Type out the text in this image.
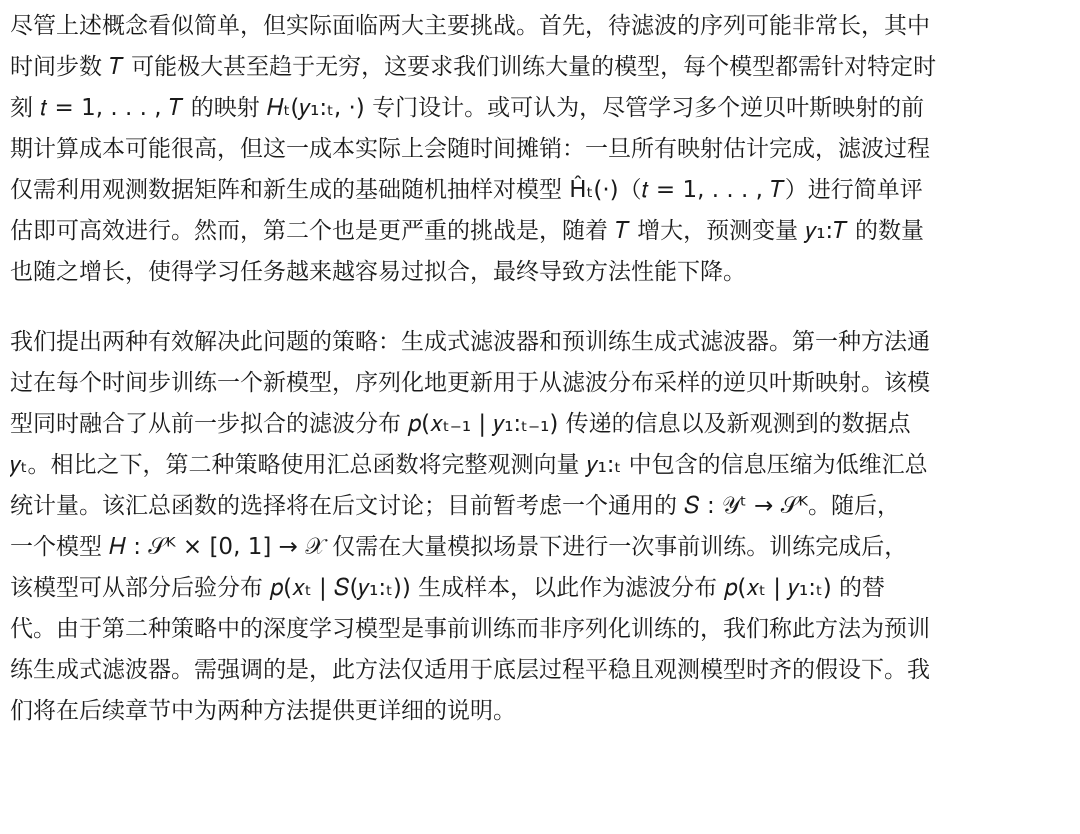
尽管上述概念看似简单，但实际面临两大主要挑战。首先，待滤波的序列可能非常长，其中
时间步数 𝑇 可能极大甚至趋于无穷，这要求我们训练大量的模型，每个模型都需针对特定时
刻 𝑡 = 1, . . . , 𝑇 的映射 𝐻ₜ(𝑦₁:ₜ, ·) 专门设计。或可认为，尽管学习多个逆贝叶斯映射的前
期计算成本可能很高，但这一成本实际上会随时间摊销：一旦所有映射估计完成，滤波过程
仅需利用观测数据矩阵和新生成的基础随机抽样对模型 Ĥₜ(·)（𝑡 = 1, . . . , 𝑇）进行简单评
估即可高效进行。然而，第二个也是更严重的挑战是，随着 𝑇 增大，预测变量 𝑦₁:𝑇 的数量
也随之增长，使得学习任务越来越容易过拟合，最终导致方法性能下降。
我们提出两种有效解决此问题的策略：生成式滤波器和预训练生成式滤波器。第一种方法通
过在每个时间步训练一个新模型，序列化地更新用于从滤波分布采样的逆贝叶斯映射。该模
型同时融合了从前一步拟合的滤波分布 𝑝(𝑥ₜ₋₁ | 𝑦₁:ₜ₋₁) 传递的信息以及新观测到的数据点
𝑦ₜ。相比之下，第二种策略使用汇总函数将完整观测向量 𝑦₁:ₜ 中包含的信息压缩为低维汇总
统计量。该汇总函数的选择将在后文讨论；目前暂考虑一个通用的 𝑆 : 𝒴ᵗ → 𝒮ᴷ。随后，
一个模型 𝐻 : 𝒮ᴷ × [0, 1] → 𝒳 仅需在大量模拟场景下进行一次事前训练。训练完成后，
该模型可从部分后验分布 𝑝(𝑥ₜ | 𝑆(𝑦₁:ₜ)) 生成样本，以此作为滤波分布 𝑝(𝑥ₜ | 𝑦₁:ₜ) 的替
代。由于第二种策略中的深度学习模型是事前训练而非序列化训练的，我们称此方法为预训
练生成式滤波器。需强调的是，此方法仅适用于底层过程平稳且观测模型时齐的假设下。我
们将在后续章节中为两种方法提供更详细的说明。
